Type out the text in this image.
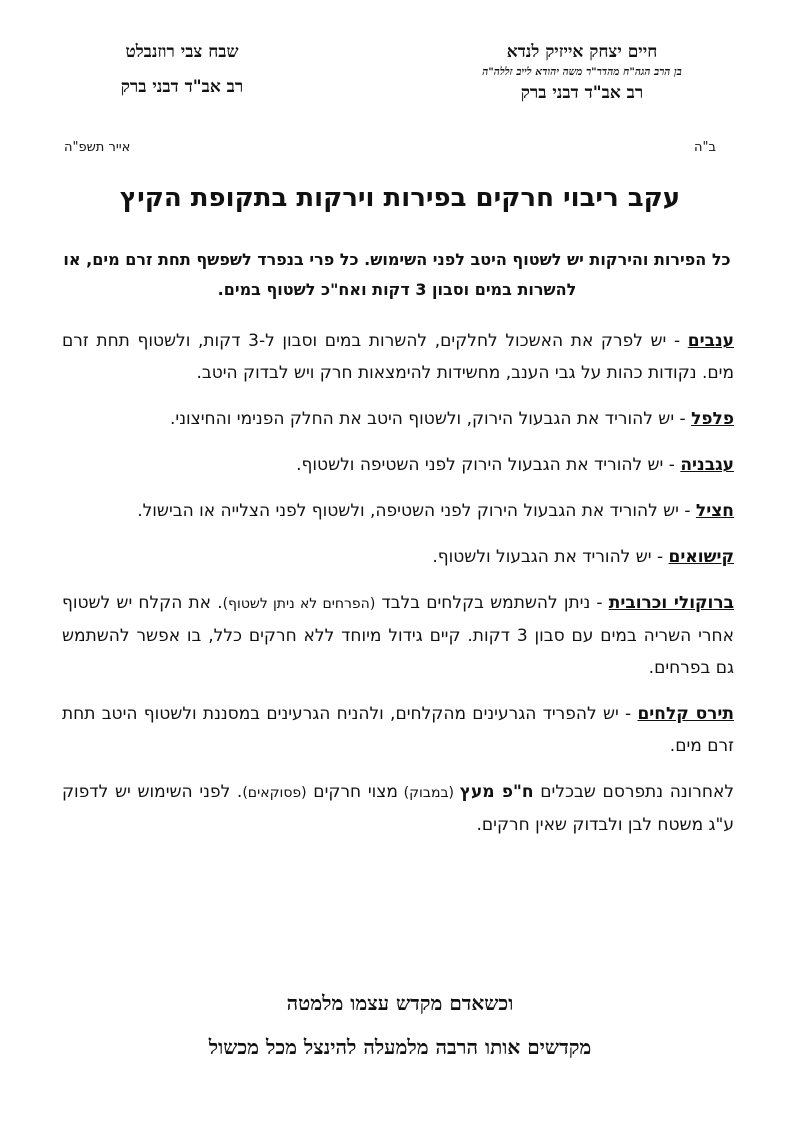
חיים יצחק אייזיק לנדא
בן הרב הגה"ח מהדר"ר משה יהודא לייב זללה"ה
רב אב"ד דבני ברק
שבח צבי רוזנבלט
רב אב"ד דבני ברק
ב"ה
אייר תשפ"ה
עקב ריבוי חרקים בפירות וירקות בתקופת הקיץ
כל הפירות והירקות יש לשטוף היטב לפני השימוש. כל פרי בנפרד לשפשף תחת זרם מים, או להשרות במים וסבון 3 דקות ואח"כ לשטוף במים.

ענבים - יש לפרק את האשכול לחלקים, להשרות במים וסבון ל-3 דקות, ולשטוף תחת זרם מים. נקודות כהות על גבי הענב, מחשידות להימצאות חרק ויש לבדוק היטב.

פלפל - יש להוריד את הגבעול הירוק, ולשטוף היטב את החלק הפנימי והחיצוני.

עגבניה - יש להוריד את הגבעול הירוק לפני השטיפה ולשטוף.

חציל - יש להוריד את הגבעול הירוק לפני השטיפה, ולשטוף לפני הצלייה או הבישול.

קישואים - יש להוריד את הגבעול ולשטוף.

ברוקולי וכרובית - ניתן להשתמש בקלחים בלבד (הפרחים לא ניתן לשטוף). את הקלח יש לשטוף אחרי השריה במים עם סבון 3 דקות. קיים גידול מיוחד ללא חרקים כלל, בו אפשר להשתמש גם בפרחים.

תירס קלחים - יש להפריד הגרעינים מהקלחים, ולהניח הגרעינים במסננת ולשטוף היטב תחת זרם מים.

לאחרונה נתפרסם שבכלים ח"פ מעץ (במבוק) מצוי חרקים (פסוקאים). לפני השימוש יש לדפוק ע"ג משטח לבן ולבדוק שאין חרקים.

וכשאדם מקדש עצמו מלמטה
מקדשים אותו הרבה מלמעלה להינצל מכל מכשול
